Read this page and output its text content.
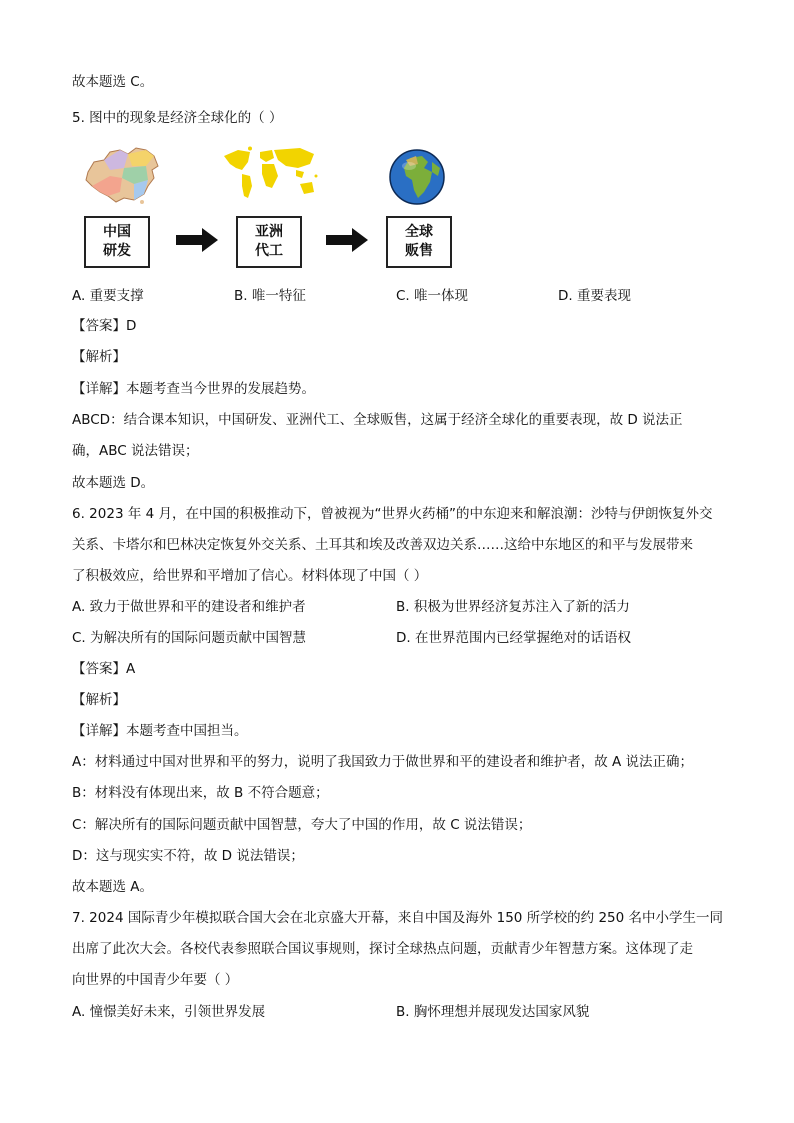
故本题选 C。
5. 图中的现象是经济全球化的（ ）
中国
研发
亚洲
代工
全球
贩售
A. 重要支撑	B. 唯一特征	C. 唯一体现	D. 重要表现
【答案】D
【解析】
【详解】本题考查当今世界的发展趋势。
ABCD：结合课本知识，中国研发、亚洲代工、全球贩售，这属于经济全球化的重要表现，故 D 说法正
确，ABC 说法错误；
故本题选 D。
6. 2023 年 4 月，在中国的积极推动下，曾被视为“世界火药桶”的中东迎来和解浪潮：沙特与伊朗恢复外交
关系、卡塔尔和巴林决定恢复外交关系、土耳其和埃及改善双边关系……这给中东地区的和平与发展带来
了积极效应，给世界和平增加了信心。材料体现了中国（ ）
A. 致力于做世界和平的建设者和维护者	B. 积极为世界经济复苏注入了新的活力
C. 为解决所有的国际问题贡献中国智慧	D. 在世界范围内已经掌握绝对的话语权
【答案】A
【解析】
【详解】本题考查中国担当。
A：材料通过中国对世界和平的努力，说明了我国致力于做世界和平的建设者和维护者，故 A 说法正确；
B：材料没有体现出来，故 B 不符合题意；
C：解决所有的国际问题贡献中国智慧，夸大了中国的作用，故 C 说法错误；
D：这与现实实不符，故 D 说法错误；
故本题选 A。
7. 2024 国际青少年模拟联合国大会在北京盛大开幕，来自中国及海外 150 所学校的约 250 名中小学生一同
出席了此次大会。各校代表参照联合国议事规则，探讨全球热点问题，贡献青少年智慧方案。这体现了走
向世界的中国青少年要（ ）
A. 憧憬美好未来，引领世界发展	B. 胸怀理想并展现发达国家风貌
